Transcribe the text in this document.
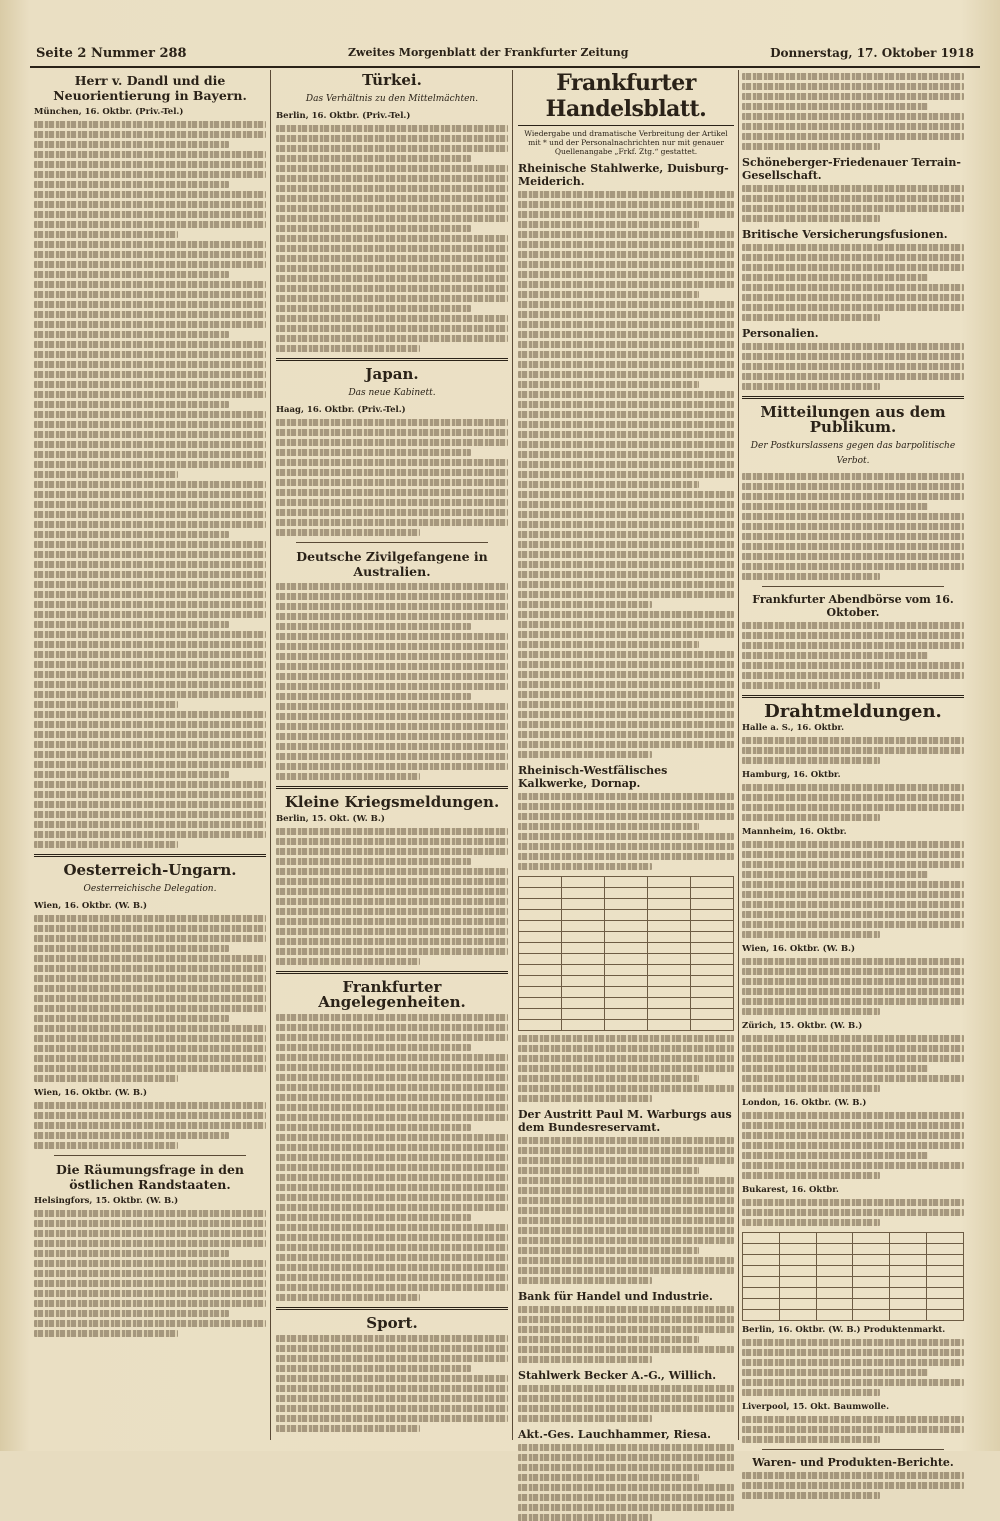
Seite 2 Nummer 288	Zweites Morgenblatt der Frankfurter Zeitung	Donnerstag, 17. Oktober 1918
Herr v. Dandl und die Neuorientierung in Bayern.
München, 16. Oktbr. (Priv.-Tel.)
Oesterreich-Ungarn.
Oesterreichische Delegation.
Wien, 16. Oktbr. (W. B.)
Wien, 16. Oktbr. (W. B.)
Die Räumungsfrage in den östlichen Randstaaten.
Helsingfors, 15. Oktbr. (W. B.)
Türkei.
Das Verhältnis zu den Mittelmächten.
Berlin, 16. Oktbr. (Priv.-Tel.)
Japan.
Das neue Kabinett.
Haag, 16. Oktbr. (Priv.-Tel.)
Deutsche Zivilgefangene in Australien.
Kleine Kriegsmeldungen.
Berlin, 15. Okt. (W. B.)
Frankfurter Angelegenheiten.
Sport.
Frankfurter Handelsblatt.
Wiedergabe und dramatische Verbreitung der Artikel mit * und der Personalnachrichten nur mit genauer Quellenangabe „Frkf. Ztg.“ gestattet.
Rheinische Stahlwerke, Duisburg-Meiderich.
Rheinisch-Westfälisches Kalkwerke, Dornap.

Der Austritt Paul M. Warburgs aus dem Bundesreservamt.
Bank für Handel und Industrie.
Stahlwerk Becker A.-G., Willich.
Akt.-Ges. Lauchhammer, Riesa.
Schöneberger-Friedenauer Terrain-Gesellschaft.
Britische Versicherungsfusionen.
Personalien.
Mitteilungen aus dem Publikum.
Der Postkurslassens gegen das barpolitische Verbot.
Frankfurter Abendbörse vom 16. Oktober.
Drahtmeldungen.
Halle a. S., 16. Oktbr.
Hamburg, 16. Oktbr.
Mannheim, 16. Oktbr.
Wien, 16. Oktbr. (W. B.)
Zürich, 15. Oktbr. (W. B.)
London, 16. Oktbr. (W. B.)
Bukarest, 16. Oktbr.

Berlin, 16. Oktbr. (W. B.) Produktenmarkt.
Liverpool, 15. Okt. Baumwolle.
Waren- und Produkten-Berichte.
